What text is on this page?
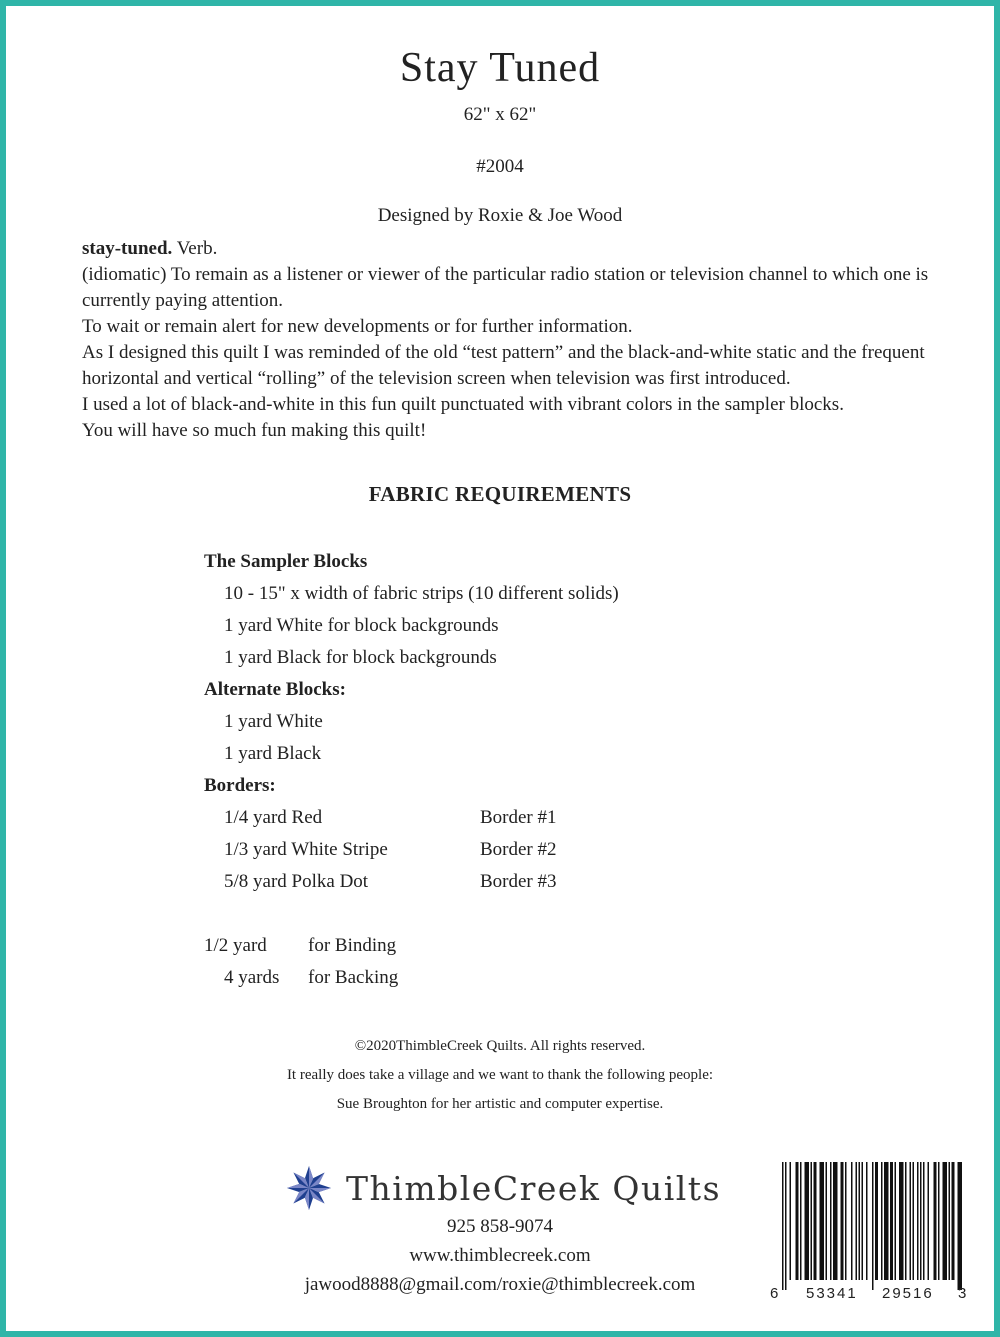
Stay Tuned
62" x 62"
#2004
Designed by Roxie & Joe Wood

stay-tuned. Verb.

(idiomatic) To remain as a listener or viewer of the particular radio station or television channel to which one is currently paying attention.

To wait or remain alert for new developments or for further information.

As I designed this quilt I was reminded of the old “test pattern” and the black-and-white static and the frequent horizontal and vertical “rolling” of the television screen when television was first introduced.

I used a lot of black-and-white in this fun quilt punctuated with vibrant colors in the sampler blocks.

You will have so much fun making this quilt!

FABRIC REQUIREMENTS
The Sampler Blocks
10 - 15" x width of fabric strips (10 different solids)
1 yard White for block backgrounds
1 yard Black for block backgrounds
Alternate Blocks:
1 yard White
1 yard Black
Borders:
1/4 yard Red	Border #1
1/3 yard White Stripe	Border #2
5/8 yard Polka Dot	Border #3
1/2 yard for Binding
4 yards for Backing
©2020ThimbleCreek Quilts. All rights reserved.
It really does take a village and we want to thank the following people:
Sue Broughton for her artistic and computer expertise.
ThimbleCreek Quilts
925 858-9074
www.thimblecreek.com
jawood8888@gmail.com/roxie@thimblecreek.com	6 53341 29516 3
